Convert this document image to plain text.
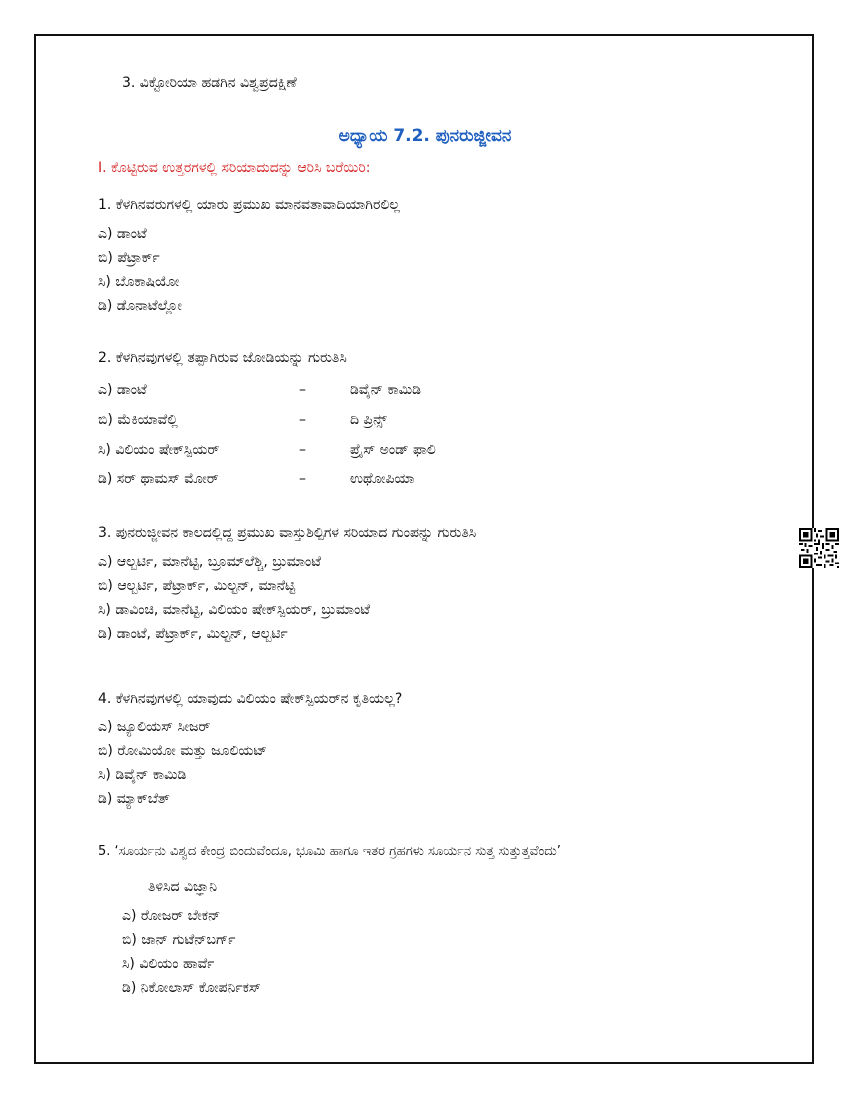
3. ವಿಕ್ಟೋರಿಯಾ ಹಡಗಿನ ವಿಶ್ವಪ್ರದಕ್ಷಿಣೆ
ಅಧ್ಯಾಯ 7.2. ಪುನರುಜ್ಜೀವನ
I. ಕೊಟ್ಟಿರುವ ಉತ್ತರಗಳಲ್ಲಿ ಸರಿಯಾದುದನ್ನು ಆರಿಸಿ ಬರೆಯಿರಿ:
1. ಕೆಳಗಿನವರುಗಳಲ್ಲಿ ಯಾರು ಪ್ರಮುಖ ಮಾನವತಾವಾದಿಯಾಗಿರಲಿಲ್ಲ
ಎ) ಡಾಂಟೆ
ಬಿ) ಪೆಟ್ರಾರ್ಕ್
ಸಿ) ಬೊಕಾಷಿಯೋ
ಡಿ) ಡೊನಾಟೆಲ್ಲೋ
2. ಕೆಳಗಿನವುಗಳಲ್ಲಿ ತಪ್ಪಾಗಿರುವ ಜೋಡಿಯನ್ನು ಗುರುತಿಸಿ
ಎ) ಡಾಂಟೆ	–	ಡಿವೈನ್ ಕಾಮಿಡಿ
ಬಿ) ಮೆಕಿಯಾವೆಲ್ಲಿ	–	ದಿ ಪ್ರಿನ್ಸ್
ಸಿ) ವಿಲಿಯಂ ಷೇಕ್‌ಸ್ಪಿಯರ್	–	ಪ್ರೈಸ್ ಅಂಡ್ ಫಾಲಿ
ಡಿ) ಸರ್ ಥಾಮಸ್ ಮೋರ್	–	ಉಥೋಪಿಯಾ
3. ಪುನರುಜ್ಜೀವನ ಕಾಲದಲ್ಲಿದ್ದ ಪ್ರಮುಖ ವಾಸ್ತುಶಿಲ್ಪಿಗಳ ಸರಿಯಾದ ಗುಂಪನ್ನು ಗುರುತಿಸಿ
ಎ) ಆಲ್ಬರ್ಟಿ, ಮಾನೆಟ್ಟಿ, ಬ್ರೂಮ್‌ಲೆಶ್ಚಿ, ಬ್ರುಮಾಂಟೆ
ಬಿ) ಆಲ್ಬರ್ಟಿ, ಪೆಟ್ರಾರ್ಕ್, ಮಿಲ್ಟನ್, ಮಾನೆಟ್ಟಿ
ಸಿ) ಡಾವಿಂಚಿ, ಮಾನೆಟ್ಟಿ, ವಿಲಿಯಂ ಷೇಕ್‌ಸ್ಪಿಯರ್, ಬ್ರುಮಾಂಟೆ
ಡಿ) ಡಾಂಟೆ, ಪೆಟ್ರಾರ್ಕ್, ಮಿಲ್ಟನ್, ಆಲ್ಬರ್ಟಿ
4. ಕೆಳಗಿನವುಗಳಲ್ಲಿ ಯಾವುದು ವಿಲಿಯಂ ಷೇಕ್‌ಸ್ಪಿಯರ್‌ನ ಕೃತಿಯಲ್ಲ?
ಎ) ಜ್ಯೂಲಿಯಸ್ ಸೀಜರ್
ಬಿ) ರೋಮಿಯೋ ಮತ್ತು ಜೂಲಿಯಟ್
ಸಿ) ಡಿವೈನ್ ಕಾಮಿಡಿ
ಡಿ) ಮ್ಯಾಕ್‌ಬೆತ್
5. ‘ಸೂರ್ಯನು ವಿಶ್ವದ ಕೇಂದ್ರ ಬಿಂದುವೆಂದೂ, ಭೂಮಿ ಹಾಗೂ ಇತರ ಗ್ರಹಗಳು ಸೂರ್ಯನ ಸುತ್ತ ಸುತ್ತುತ್ತವೆಂದು’
ತಿಳಿಸಿದ ವಿಜ್ಞಾನಿ
ಎ) ರೋಜರ್ ಬೇಕನ್
ಬಿ) ಜಾನ್ ಗುಟೆನ್‌ಬರ್ಗ್
ಸಿ) ವಿಲಿಯಂ ಹಾರ್ವೆ
ಡಿ) ನಿಕೋಲಾಸ್ ಕೋಪರ್ನಿಕಸ್
